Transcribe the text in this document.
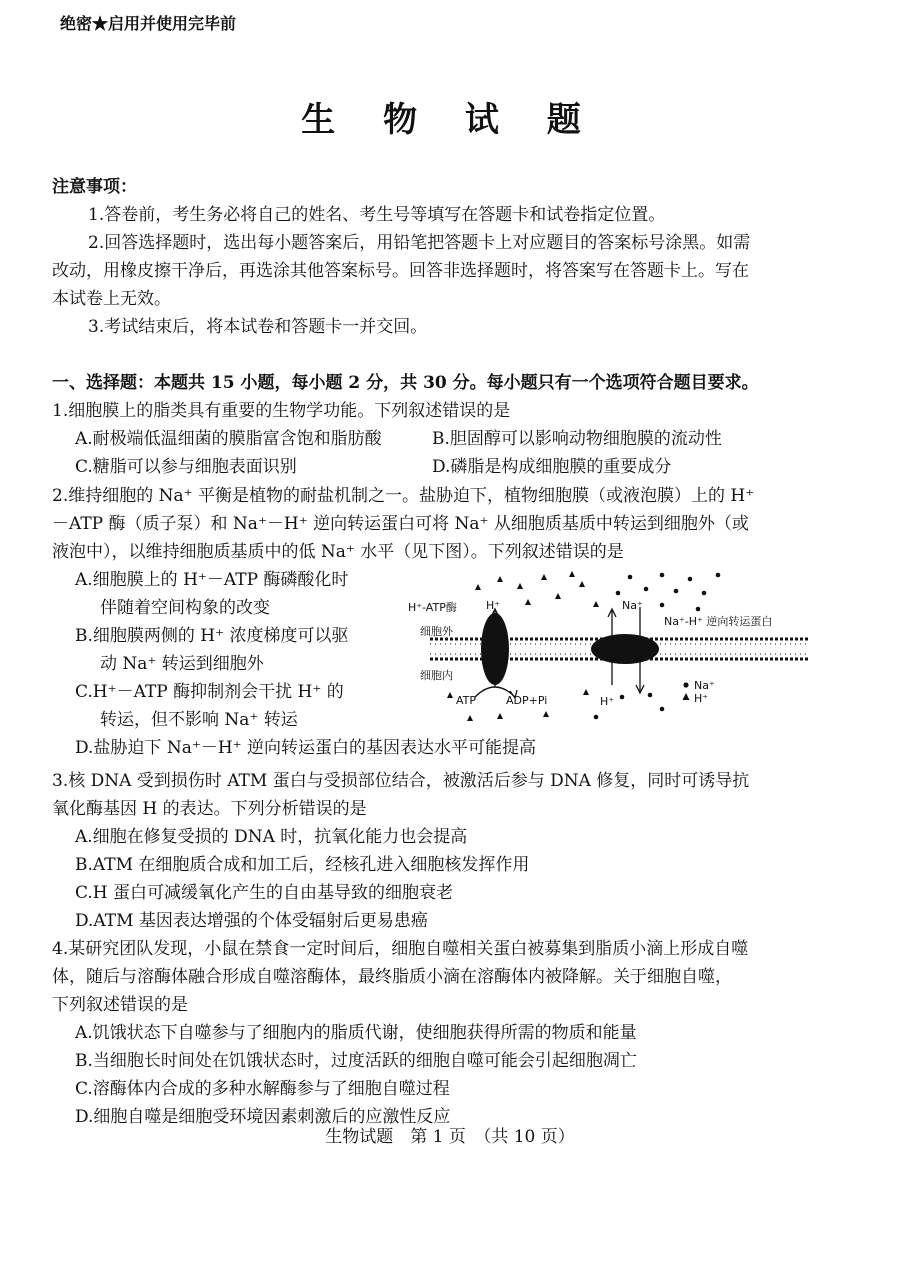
绝密★启用并使用完毕前
生 物 试 题
注意事项：
1.答卷前，考生务必将自己的姓名、考生号等填写在答题卡和试卷指定位置。
2.回答选择题时，选出每小题答案后，用铅笔把答题卡上对应题目的答案标号涂黑。如需
改动，用橡皮擦干净后，再选涂其他答案标号。回答非选择题时，将答案写在答题卡上。写在
本试卷上无效。
3.考试结束后，将本试卷和答题卡一并交回。
一、选择题：本题共 15 小题，每小题 2 分，共 30 分。每小题只有一个选项符合题目要求。
1.细胞膜上的脂类具有重要的生物学功能。下列叙述错误的是
A.耐极端低温细菌的膜脂富含饱和脂肪酸	B.胆固醇可以影响动物细胞膜的流动性
C.糖脂可以参与细胞表面识别	D.磷脂是构成细胞膜的重要成分
2.维持细胞的 Na⁺ 平衡是植物的耐盐机制之一。盐胁迫下，植物细胞膜（或液泡膜）上的 H⁺
－ATP 酶（质子泵）和 Na⁺－H⁺ 逆向转运蛋白可将 Na⁺ 从细胞质基质中转运到细胞外（或
液泡中），以维持细胞质基质中的低 Na⁺ 水平（见下图）。下列叙述错误的是
A.细胞膜上的 H⁺－ATP 酶磷酸化时
伴随着空间构象的改变
B.细胞膜两侧的 H⁺ 浓度梯度可以驱
动 Na⁺ 转运到细胞外
C.H⁺－ATP 酶抑制剂会干扰 H⁺ 的
转运，但不影响 Na⁺ 转运
D.盐胁迫下 Na⁺－H⁺ 逆向转运蛋白的基因表达水平可能提高
H⁺-ATP酶	H⁺	Na⁺
Na⁺-H⁺ 逆向转运蛋白
细胞外
细胞内
ATP	ADP+Pi	H⁺
Na⁺
H⁺
3.核 DNA 受到损伤时 ATM 蛋白与受损部位结合，被激活后参与 DNA 修复，同时可诱导抗
氧化酶基因 H 的表达。下列分析错误的是
A.细胞在修复受损的 DNA 时，抗氧化能力也会提高
B.ATM 在细胞质合成和加工后，经核孔进入细胞核发挥作用
C.H 蛋白可减缓氧化产生的自由基导致的细胞衰老
D.ATM 基因表达增强的个体受辐射后更易患癌
4.某研究团队发现，小鼠在禁食一定时间后，细胞自噬相关蛋白被募集到脂质小滴上形成自噬
体，随后与溶酶体融合形成自噬溶酶体，最终脂质小滴在溶酶体内被降解。关于细胞自噬，
下列叙述错误的是
A.饥饿状态下自噬参与了细胞内的脂质代谢，使细胞获得所需的物质和能量
B.当细胞长时间处在饥饿状态时，过度活跃的细胞自噬可能会引起细胞凋亡
C.溶酶体内合成的多种水解酶参与了细胞自噬过程
D.细胞自噬是细胞受环境因素刺激后的应激性反应
生物试题　第 1 页　（共 10 页）
